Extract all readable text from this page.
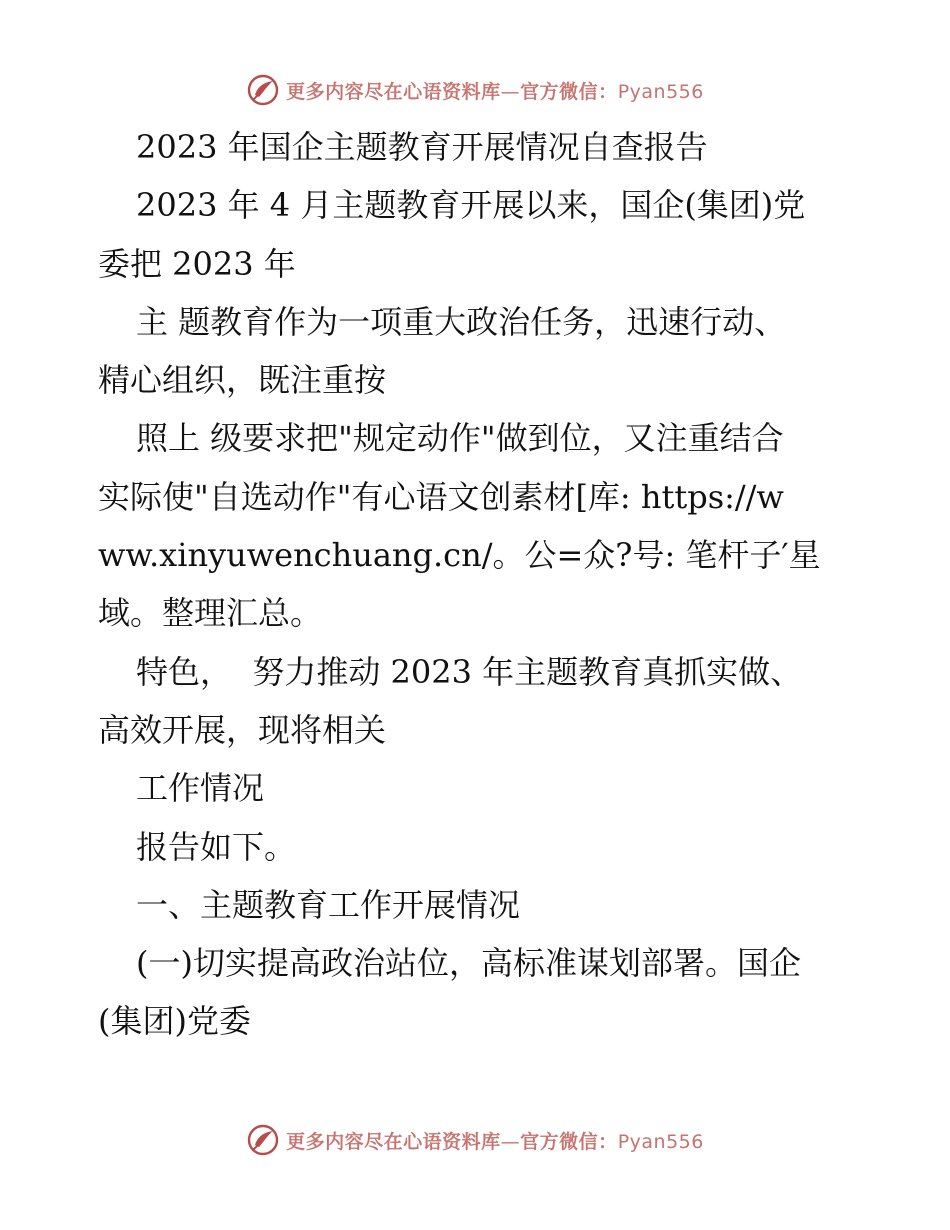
更多内容尽在心语资料库—官方微信：Pyan556
2023 年国企主题教育开展情况自查报告
2023 年 4 月主题教育开展以来，国企(集团)党
委把 2023 年
主 题教育作为一项重大政治任务，迅速行动、
精心组织，既注重按
照上 级要求把"规定动作"做到位，又注重结合
实际使"自选动作"有心语文创素材[库: https://w
ww.xinyuwenchuang.cn/。公=众?号: 笔杆子′星
域。整理汇总。
特色，  努力推动 2023 年主题教育真抓实做、
高效开展，现将相关
工作情况
报告如下。
一、主题教育工作开展情况
(一)切实提高政治站位，高标准谋划部署。国企
(集团)党委
更多内容尽在心语资料库—官方微信：Pyan556
